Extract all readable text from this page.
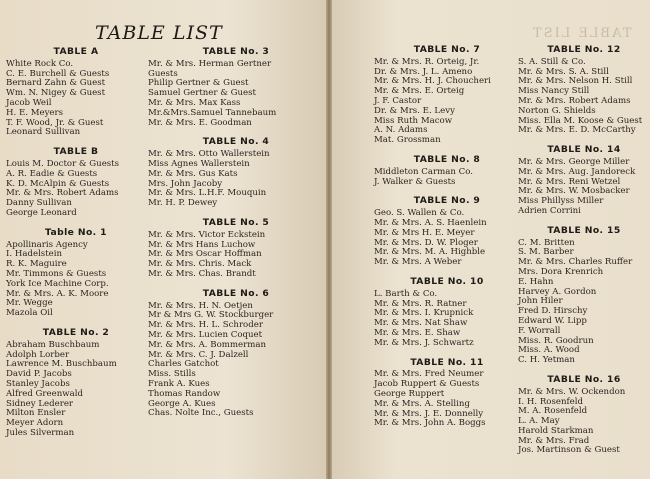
TABLE LIST
TABLE A
White Rock Co.
C. E. Burchell & Guests
Bernard Zahn & Guest
Wm. N. Nigey & Guest
Jacob Weil
H. E. Meyers
T. F. Wood, Jr. & Guest
Leonard Sullivan
TABLE B
Louis M. Doctor & Guests
A. R. Eadie & Guests
K. D. McAlpin & Guests
Mr. & Mrs. Robert Adams
Danny Sullivan
George Leonard
Table No. 1
Apollinaris Agency
I. Hadelstein
R. K. Maguire
Mr. Timmons & Guests
York Ice Machine Corp.
Mr. & Mrs. A. K. Moore
Mr. Wegge
Mazola Oil
TABLE No. 2
Abraham Buschbaum
Adolph Lorber
Lawrence M. Buschbaum
David P. Jacobs
Stanley Jacobs
Alfred Greenwald
Sidney Lederer
Milton Ensler
Meyer Adorn
Jules Silverman
TABLE No. 3
Mr. & Mrs. Herman Gertner
Guests
Philip Gertner & Guest
Samuel Gertner & Guest
Mr. & Mrs. Max Kass
Mr.&Mrs.Samuel Tannebaum
Mr. & Mrs. E. Goodman
TABLE No. 4
Mr. & Mrs. Otto Wallerstein
Miss Agnes Wallerstein
Mr. & Mrs. Gus Kats
Mrs. John Jacoby
Mr. & Mrs. L.H.F. Mouquin
Mr. H. P. Dewey
TABLE No. 5
Mr. & Mrs. Victor Eckstein
Mr. & Mrs Hans Luchow
Mr. & Mrs Oscar Hoffman
Mr. & Mrs. Chris. Mack
Mr. & Mrs. Chas. Brandt
TABLE No. 6
Mr. & Mrs. H. N. Oetjen
Mr & Mrs G. W. Stockburger
Mr. & Mrs. H. L. Schroder
Mr. & Mrs. Lucien Coquet
Mr. & Mrs. A. Bommerman
Mr. & Mrs. C. J. Dalzell
Charles Gatchot
Miss. Stills
Frank A. Kues
Thomas Randow
George A. Kues
Chas. Nolte Inc., Guests
TABLE LIST
TABLE No. 7
Mr. & Mrs. R. Orteig, Jr.
Dr. & Mrs. J. L. Ameno
Mr. & Mrs. H. J. Choucheri
Mr. & Mrs. E. Orteig
J. F. Castor
Dr. & Mrs. E. Levy
Miss Ruth Macow
A. N. Adams
Mat. Grossman
TABLE No. 8
Middleton Carman Co.
J. Walker & Guests
TABLE No. 9
Geo. S. Wallen & Co.
Mr. & Mrs. A. S. Haenlein
Mr. & Mrs H. E. Meyer
Mr. & Mrs. D. W. Ploger
Mr. & Mrs. M. A. Highble
Mr. & Mrs. A Weber
TABLE No. 10
L. Barth & Co.
Mr. & Mrs. R. Ratner
Mr. & Mrs. I. Krupnick
Mr. & Mrs. Nat Shaw
Mr. & Mrs. E. Shaw
Mr. & Mrs. J. Schwartz
TABLE No. 11
Mr. & Mrs. Fred Neumer
Jacob Ruppert & Guests
George Ruppert
Mr. & Mrs. A. Stelling
Mr. & Mrs. J. E. Donnelly
Mr. & Mrs. John A. Boggs
TABLE No. 12
S. A. Still & Co.
Mr. & Mrs. S. A. Still
Mr. & Mrs. Nelson H. Still
Miss Nancy Still
Mr. & Mrs. Robert Adams
Norton G. Shields
Miss. Ella M. Koose & Guest
Mr. & Mrs. E. D. McCarthy
TABLE No. 14
Mr. & Mrs. George Miller
Mr. & Mrs. Aug. Jandoreck
Mr. & Mrs. Reni Wetzel
Mr. & Mrs. W. Mosbacker
Miss Phillyss Miller
Adrien Corrini
TABLE No. 15
C. M. Britten
S. M. Barber
Mr. & Mrs. Charles Ruffer
Mrs. Dora Krenrich
E. Hahn
Harvey A. Gordon
John Hiler
Fred D. Hirschy
Edward W. Lipp
F. Worrall
Miss. R. Goodrun
Miss. A. Wood
C. H. Yetman
TABLE No. 16
Mr. & Mrs. W. Ockendon
I. H. Rosenfeld
M. A. Rosenfeld
L. A. May
Harold Starkman
Mr. & Mrs. Frad
Jos. Martinson & Guest
